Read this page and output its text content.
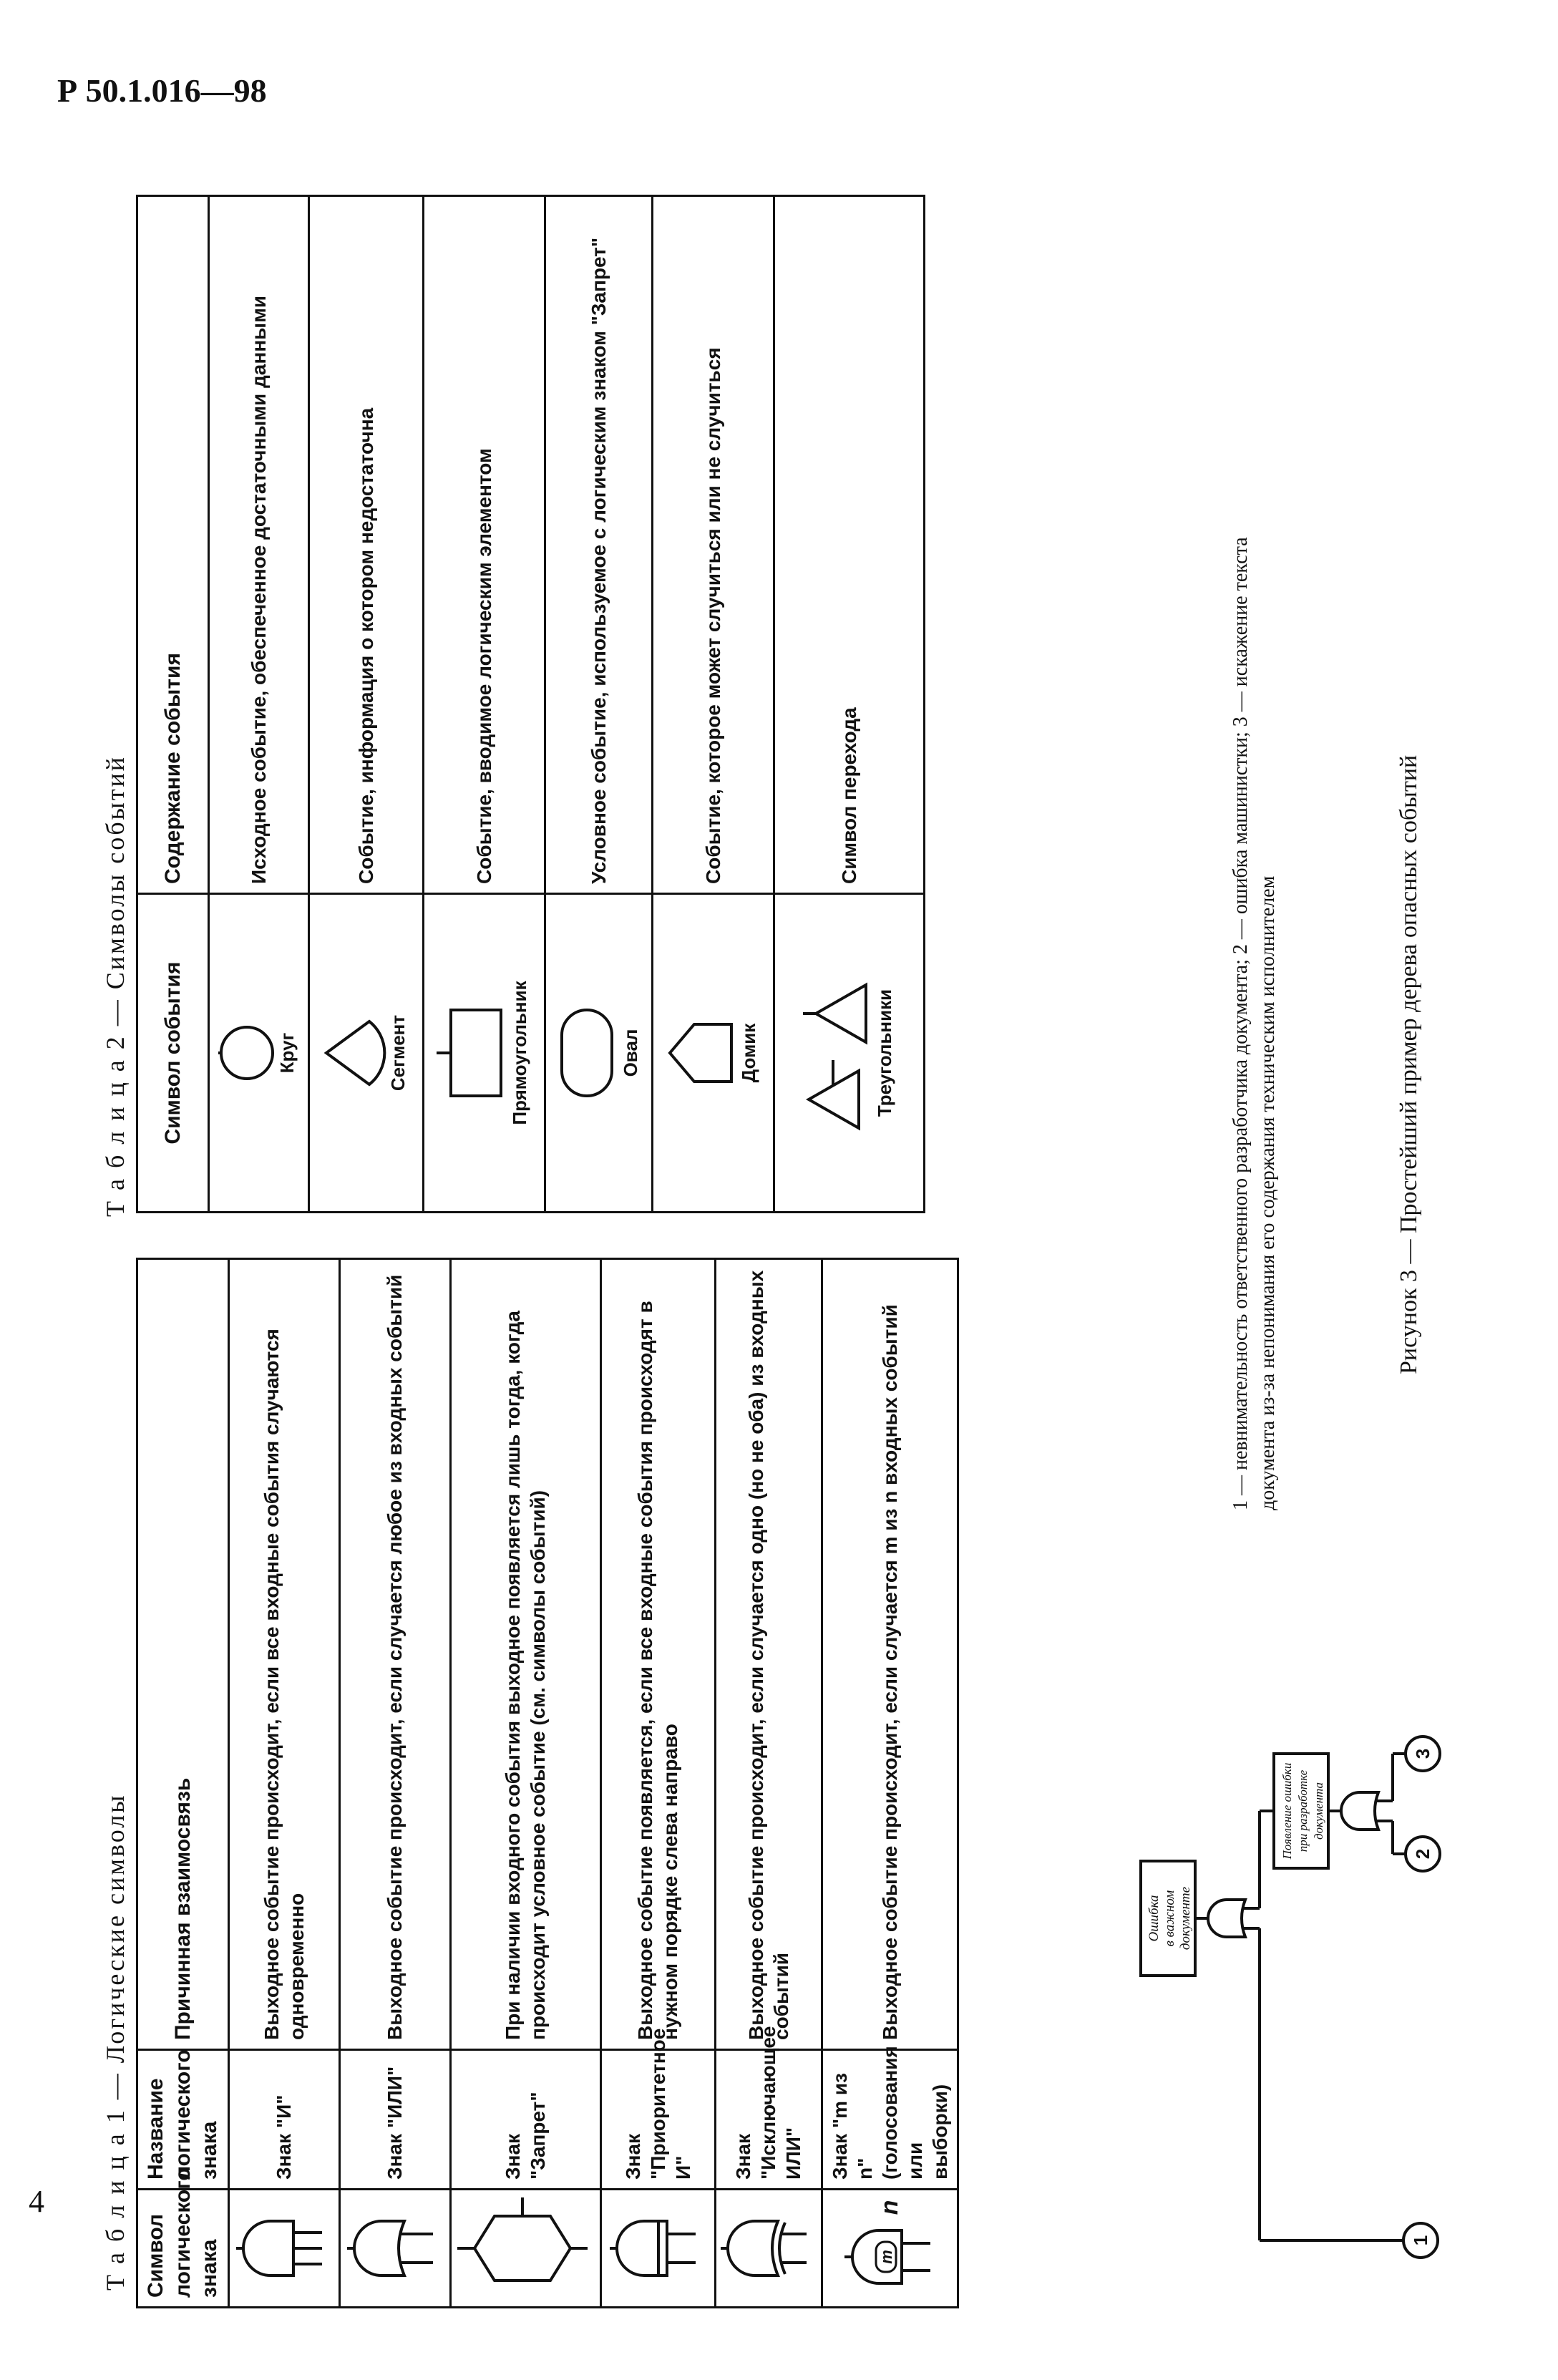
Р 50.1.016—98
4 Т а б л и ц а 1 — Логические символы Символ логического знака	Название логического знака	Причинная взаимосвязь
	Знак "И"	Выходное событие происходит, если все входные события случаются одновременно
	Знак "ИЛИ"	Выходное событие происходит, если случается любое из входных событий
	Знак "Запрет"	При наличии входного события выходное появляется лишь тогда, когда происходит условное событие (см. символы событий)
	Знак "Приоритетное И"	Выходное событие появляется, если все входные события происходят в нужном порядке слева направо
	Знак "Исключающее ИЛИ"	Выходное событие происходит, если случается одно (но не оба) из входных событий

m
n	Знак "m из n" (голосования или выборки)	Выходное событие происходит, если случается m из n входных событий
Т а б л и ц а 2 — Символы событий Символ события	Содержание события

Круг	Исходное событие, обеспеченное достаточными данными

Сегмент	Событие, информация о котором недостаточна

Прямоугольник	Событие, вводимое логическим элементом

Овал	Условное событие, используемое с логическим знаком "Запрет"

Домик	Событие, которое может случиться или не случиться

Треугольники	Символ перехода
Ошибка в важном документе
1
Появление ошибки при разработке документа
2
3
1 — невнимательность ответственного разработчика документа; 2 — ошибка машинистки; 3 — искажение текста документа из-за непонимания его содержания техническим исполнителем	Рисунок 3 — Простейший пример дерева опасных событий
